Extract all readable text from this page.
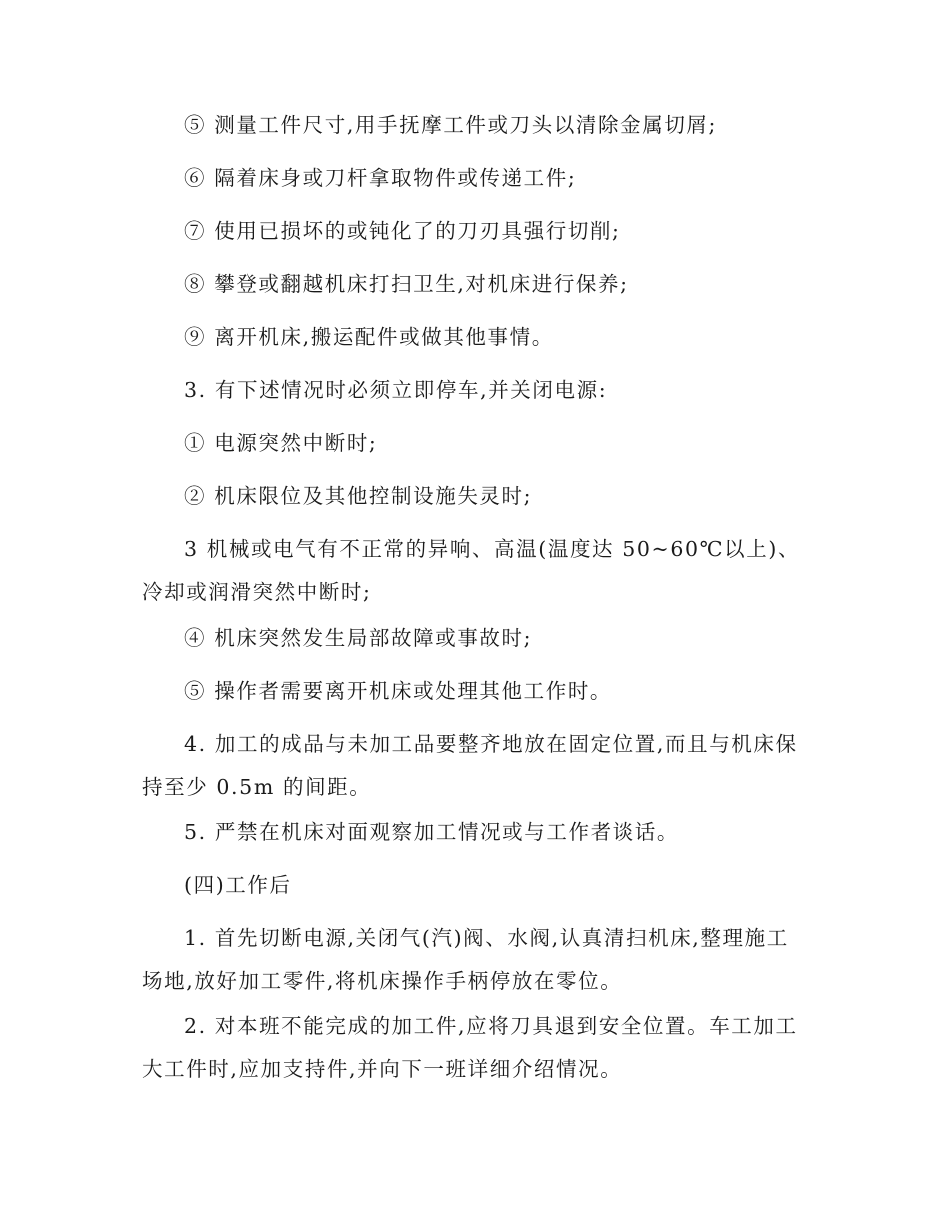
⑤ 测量工件尺寸,用手抚摩工件或刀头以清除金属切屑;

⑥ 隔着床身或刀杆拿取物件或传递工件;

⑦ 使用已损坏的或钝化了的刀刃具强行切削;

⑧ 攀登或翻越机床打扫卫生,对机床进行保养;

⑨ 离开机床,搬运配件或做其他事情。

3. 有下述情况时必须立即停车,并关闭电源:

① 电源突然中断时;

② 机床限位及其他控制设施失灵时;

3 机械或电气有不正常的异响、高温(温度达 50~60℃以上)、冷却或润滑突然中断时;

④ 机床突然发生局部故障或事故时;

⑤ 操作者需要离开机床或处理其他工作时。

4. 加工的成品与未加工品要整齐地放在固定位置,而且与机床保持至少 0.5m 的间距。

5. 严禁在机床对面观察加工情况或与工作者谈话。

(四)工作后

1. 首先切断电源,关闭气(汽)阀、水阀,认真清扫机床,整理施工场地,放好加工零件,将机床操作手柄停放在零位。

2. 对本班不能完成的加工件,应将刀具退到安全位置。车工加工大工件时,应加支持件,并向下一班详细介绍情况。
